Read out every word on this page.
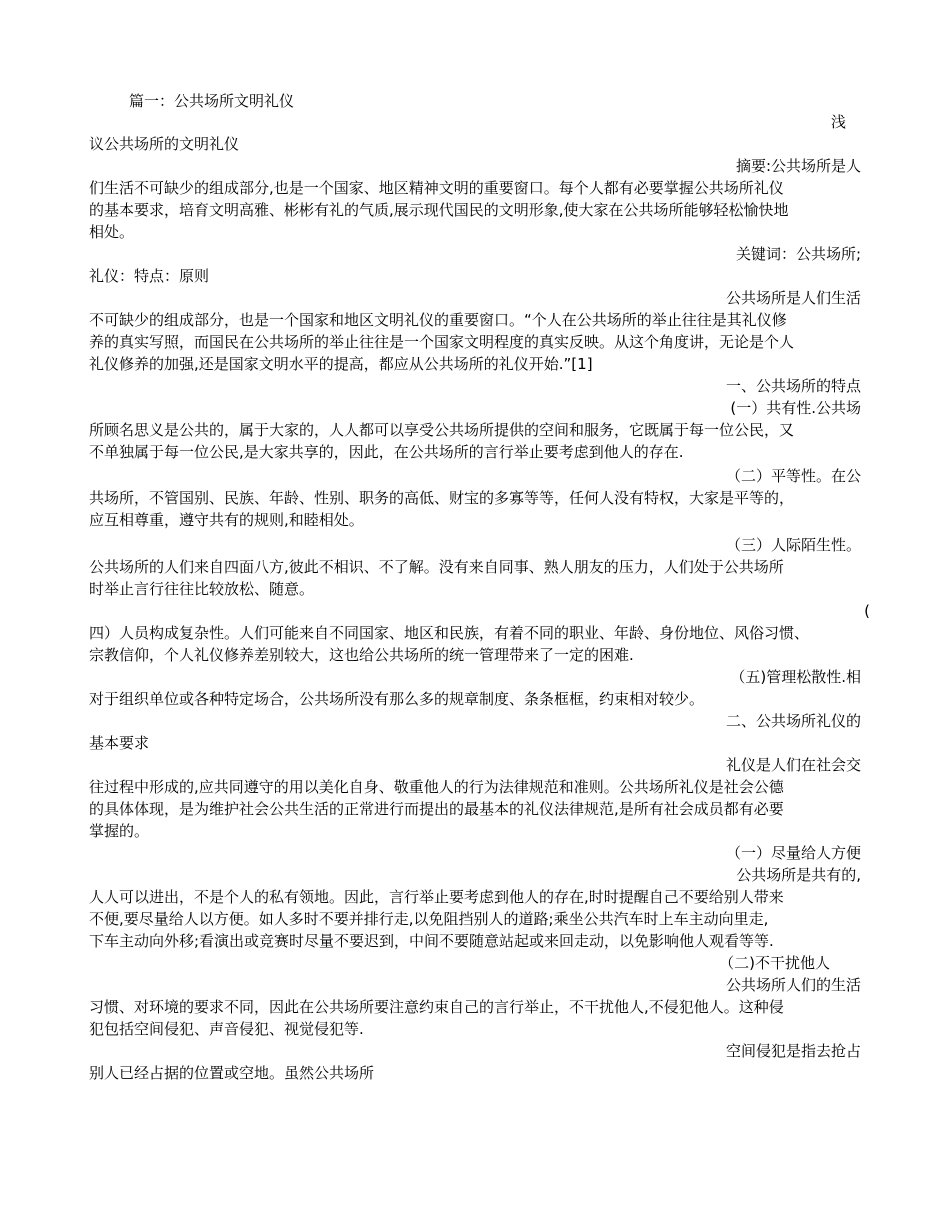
篇一：公共场所文明礼仪
浅
议公共场所的文明礼仪
摘要:公共场所是人
们生活不可缺少的组成部分,也是一个国家、地区精神文明的重要窗口。每个人都有必要掌握公共场所礼仪
的基本要求，培育文明高雅、彬彬有礼的气质,展示现代国民的文明形象,使大家在公共场所能够轻松愉快地
相处。
关键词：公共场所;
礼仪：特点：原则
公共场所是人们生活
不可缺少的组成部分，也是一个国家和地区文明礼仪的重要窗口。“个人在公共场所的举止往往是其礼仪修
养的真实写照，而国民在公共场所的举止往往是一个国家文明程度的真实反映。从这个角度讲，无论是个人
礼仪修养的加强,还是国家文明水平的提高，都应从公共场所的礼仪开始.”[1]
一、公共场所的特点
(一）共有性.公共场
所顾名思义是公共的，属于大家的，人人都可以享受公共场所提供的空间和服务，它既属于每一位公民，又
不单独属于每一位公民,是大家共享的，因此，在公共场所的言行举止要考虑到他人的存在.
（二）平等性。在公
共场所，不管国别、民族、年龄、性别、职务的高低、财宝的多寡等等，任何人没有特权，大家是平等的，
应互相尊重，遵守共有的规则,和睦相处。
（三）人际陌生性。
公共场所的人们来自四面八方,彼此不相识、不了解。没有来自同事、熟人朋友的压力，人们处于公共场所
时举止言行往往比较放松、随意。
(
四）人员构成复杂性。人们可能来自不同国家、地区和民族，有着不同的职业、年龄、身份地位、风俗习惯、
宗教信仰，个人礼仪修养差别较大，这也给公共场所的统一管理带来了一定的困难.
（五)管理松散性.相
对于组织单位或各种特定场合，公共场所没有那么多的规章制度、条条框框，约束相对较少。
二、公共场所礼仪的
基本要求
礼仪是人们在社会交
往过程中形成的,应共同遵守的用以美化自身、敬重他人的行为法律规范和准则。公共场所礼仪是社会公德
的具体体现，是为维护社会公共生活的正常进行而提出的最基本的礼仪法律规范,是所有社会成员都有必要
掌握的。
（一）尽量给人方便
公共场所是共有的,
人人可以进出，不是个人的私有领地。因此，言行举止要考虑到他人的存在,时时提醒自己不要给别人带来
不便,要尽量给人以方便。如人多时不要并排行走,以免阻挡别人的道路;乘坐公共汽车时上车主动向里走,
下车主动向外移;看演出或竞赛时尽量不要迟到，中间不要随意站起或来回走动，以免影响他人观看等等.
（二)不干扰他人
公共场所人们的生活
习惯、对环境的要求不同，因此在公共场所要注意约束自己的言行举止，不干扰他人,不侵犯他人。这种侵
犯包括空间侵犯、声音侵犯、视觉侵犯等.
空间侵犯是指去抢占
别人已经占据的位置或空地。虽然公共场所
